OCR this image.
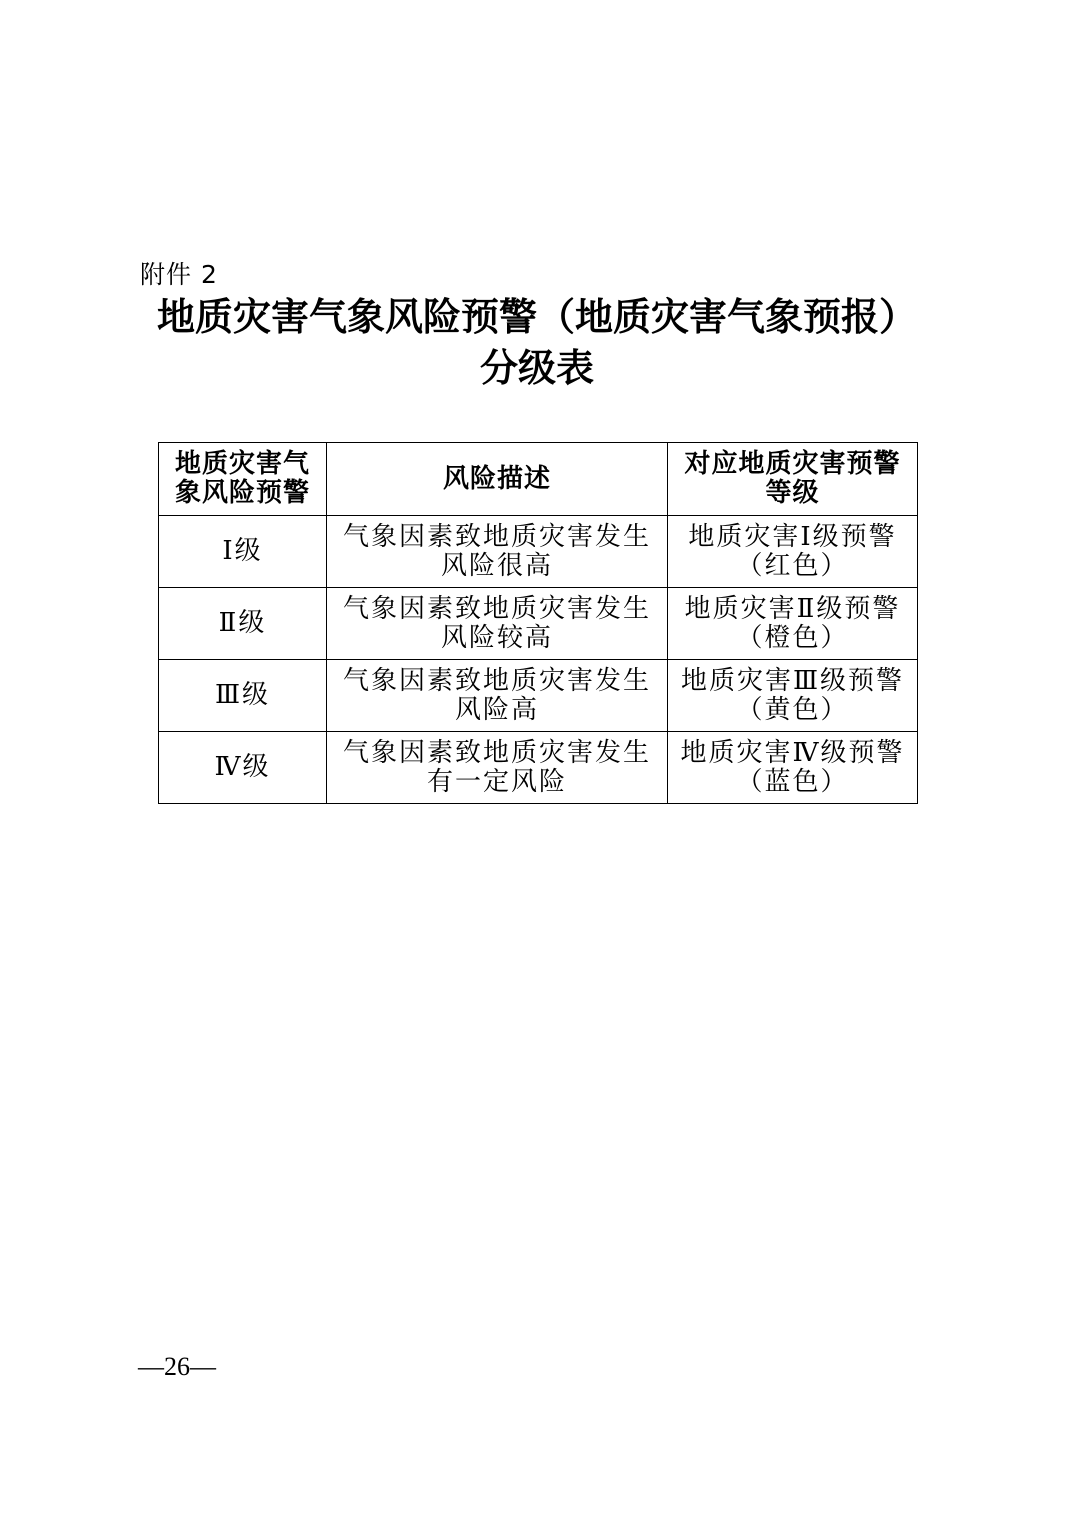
附件 2
地质灾害气象风险预警（地质灾害气象预报）
分级表
地质灾害气象风险预警	风险描述	对应地质灾害预警等级
Ⅰ级	气象因素致地质灾害发生风险很高	地质灾害Ⅰ级预警（红色）
Ⅱ级	气象因素致地质灾害发生风险较高	地质灾害Ⅱ级预警（橙色）
Ⅲ级	气象因素致地质灾害发生风险高	地质灾害Ⅲ级预警（黄色）
Ⅳ级	气象因素致地质灾害发生有一定风险	地质灾害Ⅳ级预警（蓝色）
—26—
